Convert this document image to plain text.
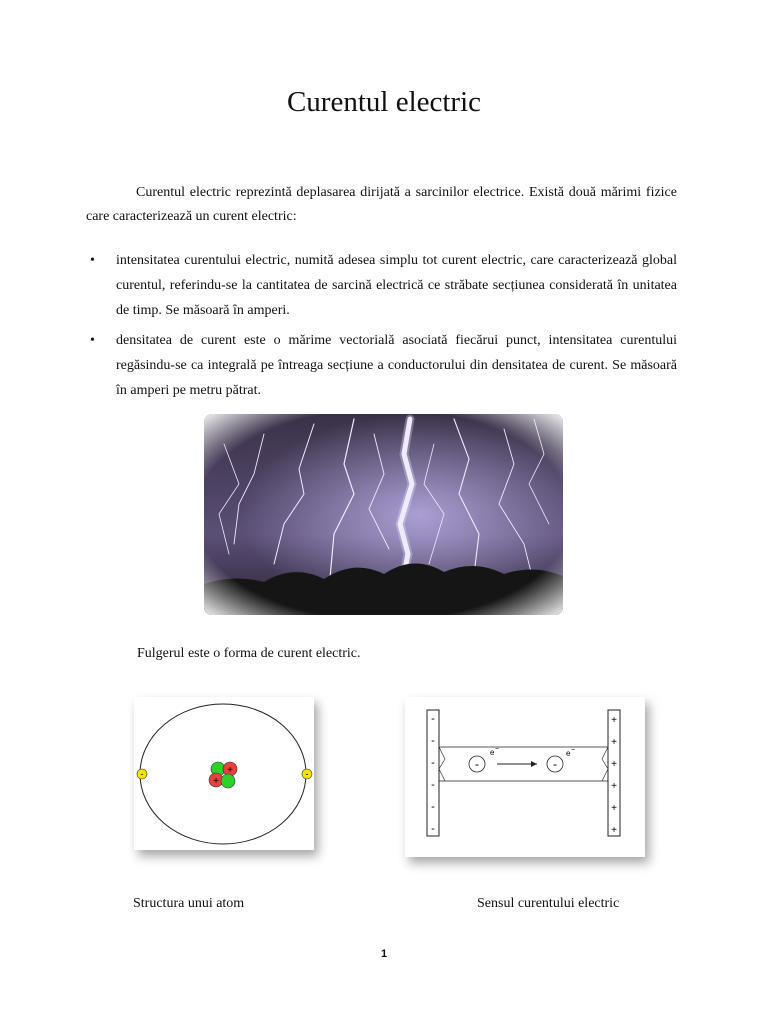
Curentul electric

Curentul electric reprezintă deplasarea dirijată a sarcinilor electrice. Există două mărimi fizice care caracterizează un curent electric:

• intensitatea curentului electric, numită adesea simplu tot curent electric, care caracterizează global curentul, referindu-se la cantitatea de sarcină electrică ce străbate secțiunea considerată în unitatea de timp. Se măsoară în amperi.
• densitatea de curent este o mărime vectorială asociată fiecărui punct, intensitatea curentului regăsindu-se ca integrală pe întreaga secțiune a conductorului din densitatea de curent. Se măsoară în amperi pe metru pătrat.

Fulgerul este o forma de curent electric.

+
+
-	-
-
-
-
-
-
-
+
+
+
+
+
+
-
e −
-
e −

Structura unui atom	Sensul curentului electric

1
